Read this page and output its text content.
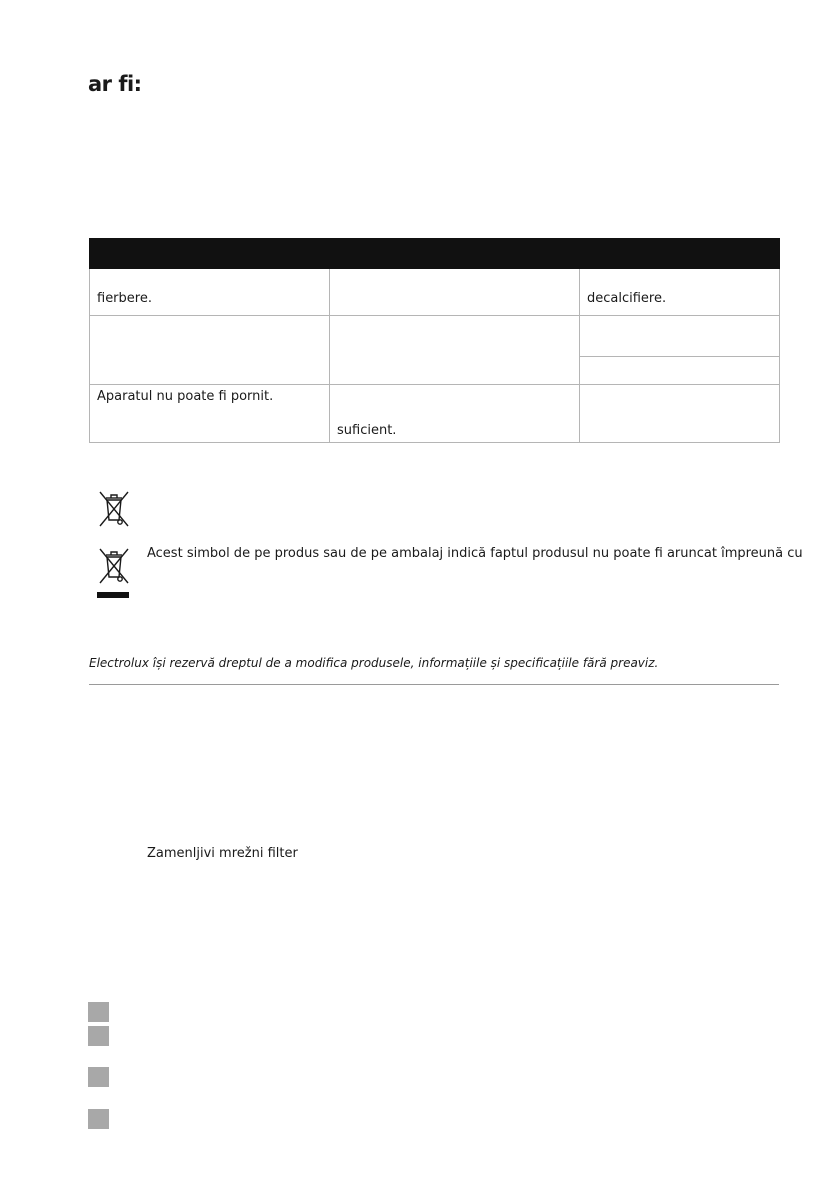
ar fi:

fierbere.		decalcifiere.

Aparatul nu poate fi pornit.	suficient.	

Acest simbol de pe produs sau de pe ambalaj indică faptul produsul nu poate fi aruncat împreună cu
Electrolux își rezervă dreptul de a modifica produsele, informațiile și specificațiile fără preaviz.
Zamenljivi mrežni filter
